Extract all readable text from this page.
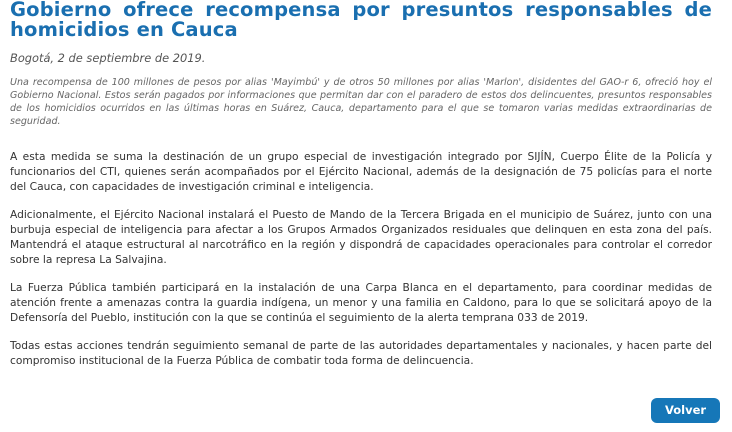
Gobierno ofrece recompensa por presuntos responsables de homicidios en Cauca
Bogotá, 2 de septiembre de 2019.
Una recompensa de 100 millones de pesos por alias 'Mayimbú' y de otros 50 millones por alias 'Marlon', disidentes del GAO-r 6, ofreció hoy el Gobierno Nacional. Estos serán pagados por informaciones que permitan dar con el paradero de estos dos delincuentes, presuntos responsables de los homicidios ocurridos en las últimas horas en Suárez, Cauca, departamento para el que se tomaron varias medidas extraordinarias de seguridad.

A esta medida se suma la destinación de un grupo especial de investigación integrado por SIJÍN, Cuerpo Élite de la Policía y funcionarios del CTI, quienes serán acompañados por el Ejército Nacional, además de la designación de 75 policías para el norte del Cauca, con capacidades de investigación criminal e inteligencia.

Adicionalmente, el Ejército Nacional instalará el Puesto de Mando de la Tercera Brigada en el municipio de Suárez, junto con una burbuja especial de inteligencia para afectar a los Grupos Armados Organizados residuales que delinquen en esta zona del país. Mantendrá el ataque estructural al narcotráfico en la región y dispondrá de capacidades operacionales para controlar el corredor sobre la represa La Salvajina.

La Fuerza Pública también participará en la instalación de una Carpa Blanca en el departamento, para coordinar medidas de atención frente a amenazas contra la guardia indígena, un menor y una familia en Caldono, para lo que se solicitará apoyo de la Defensoría del Pueblo, institución con la que se continúa el seguimiento de la alerta temprana 033 de 2019.

Todas estas acciones tendrán seguimiento semanal de parte de las autoridades departamentales y nacionales, y hacen parte del compromiso institucional de la Fuerza Pública de combatir toda forma de delincuencia.

Volver
